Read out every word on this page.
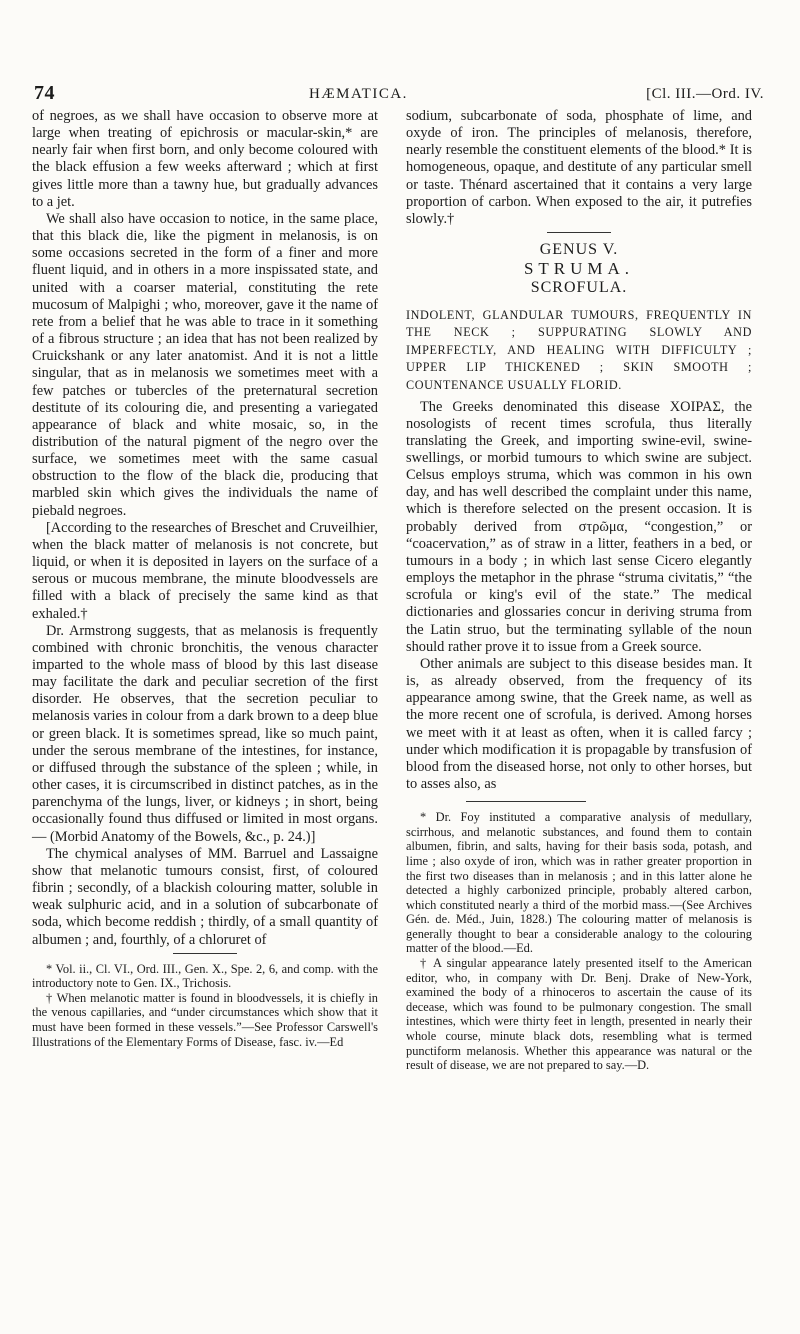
74	HÆMATICA.	[Cl. III.—Ord. IV.

of negroes, as we shall have occasion to observe more at large when treating of epichrosis or macular-skin,* are nearly fair when first born, and only become coloured with the black effusion a few weeks afterward ; which at first gives little more than a tawny hue, but gradually advances to a jet.

We shall also have occasion to notice, in the same place, that this black die, like the pigment in melanosis, is on some occasions secreted in the form of a finer and more fluent liquid, and in others in a more inspissated state, and united with a coarser material, constituting the rete mucosum of Malpighi ; who, moreover, gave it the name of rete from a belief that he was able to trace in it something of a fibrous structure ; an idea that has not been realized by Cruickshank or any later anatomist. And it is not a little singular, that as in melanosis we sometimes meet with a few patches or tubercles of the preternatural secretion destitute of its colouring die, and presenting a variegated appearance of black and white mosaic, so, in the distribution of the natural pigment of the negro over the surface, we sometimes meet with the same casual obstruction to the flow of the black die, producing that marbled skin which gives the individuals the name of piebald negroes.

[According to the researches of Breschet and Cruveilhier, when the black matter of melanosis is not concrete, but liquid, or when it is deposited in layers on the surface of a serous or mucous membrane, the minute bloodvessels are filled with a black of precisely the same kind as that exhaled.†

Dr. Armstrong suggests, that as melanosis is frequently combined with chronic bronchitis, the venous character imparted to the whole mass of blood by this last disease may facilitate the dark and peculiar secretion of the first disorder. He observes, that the secretion peculiar to melanosis varies in colour from a dark brown to a deep blue or green black. It is sometimes spread, like so much paint, under the serous membrane of the intestines, for instance, or diffused through the substance of the spleen ; while, in other cases, it is circumscribed in distinct patches, as in the parenchyma of the lungs, liver, or kidneys ; in short, being occasionally found thus diffused or limited in most organs.— (Morbid Anatomy of the Bowels, &c., p. 24.)]

The chymical analyses of MM. Barruel and Lassaigne show that melanotic tumours consist, first, of coloured fibrin ; secondly, of a blackish colouring matter, soluble in weak sulphuric acid, and in a solution of subcarbonate of soda, which become reddish ; thirdly, of a small quantity of albumen ; and, fourthly, of a chloruret of

* Vol. ii., Cl. VI., Ord. III., Gen. X., Spe. 2, 6, and comp. with the introductory note to Gen. IX., Trichosis.

† When melanotic matter is found in bloodvessels, it is chiefly in the venous capillaries, and “under circumstances which show that it must have been formed in these vessels.”—See Professor Carswell's Illustrations of the Elementary Forms of Disease, fasc. iv.—Ed

sodium, subcarbonate of soda, phosphate of lime, and oxyde of iron. The principles of melanosis, therefore, nearly resemble the constituent elements of the blood.* It is homogeneous, opaque, and destitute of any particular smell or taste. Thénard ascertained that it contains a very large proportion of carbon. When exposed to the air, it putrefies slowly.†

GENUS V.
STRUMA.
SCROFULA.
INDOLENT, GLANDULAR TUMOURS, FREQUENTLY IN THE NECK ; SUPPURATING SLOWLY AND IMPERFECTLY, AND HEALING WITH DIFFICULTY ; UPPER LIP THICKENED ; SKIN SMOOTH ; COUNTENANCE USUALLY FLORID.

The Greeks denominated this disease ΧΟΙΡΑΣ, the nosologists of recent times scrofula, thus literally translating the Greek, and importing swine-evil, swine-swellings, or morbid tumours to which swine are subject. Celsus employs struma, which was common in his own day, and has well described the complaint under this name, which is therefore selected on the present occasion. It is probably derived from στρῶμα, “congestion,” or “coacervation,” as of straw in a litter, feathers in a bed, or tumours in a body ; in which last sense Cicero elegantly employs the metaphor in the phrase “struma civitatis,” “the scrofula or king's evil of the state.” The medical dictionaries and glossaries concur in deriving struma from the Latin struo, but the terminating syllable of the noun should rather prove it to issue from a Greek source.

Other animals are subject to this disease besides man. It is, as already observed, from the frequency of its appearance among swine, that the Greek name, as well as the more recent one of scrofula, is derived. Among horses we meet with it at least as often, when it is called farcy ; under which modification it is propagable by transfusion of blood from the diseased horse, not only to other horses, but to asses also, as

* Dr. Foy instituted a comparative analysis of medullary, scirrhous, and melanotic substances, and found them to contain albumen, fibrin, and salts, having for their basis soda, potash, and lime ; also oxyde of iron, which was in rather greater proportion in the first two diseases than in melanosis ; and in this latter alone he detected a highly carbonized principle, probably altered carbon, which constituted nearly a third of the morbid mass.—(See Archives Gén. de. Méd., Juin, 1828.) The colouring matter of melanosis is generally thought to bear a considerable analogy to the colouring matter of the blood.—Ed.

† A singular appearance lately presented itself to the American editor, who, in company with Dr. Benj. Drake of New-York, examined the body of a rhinoceros to ascertain the cause of its decease, which was found to be pulmonary congestion. The small intestines, which were thirty feet in length, presented in nearly their whole course, minute black dots, resembling what is termed punctiform melanosis. Whether this appearance was natural or the result of disease, we are not prepared to say.—D.
